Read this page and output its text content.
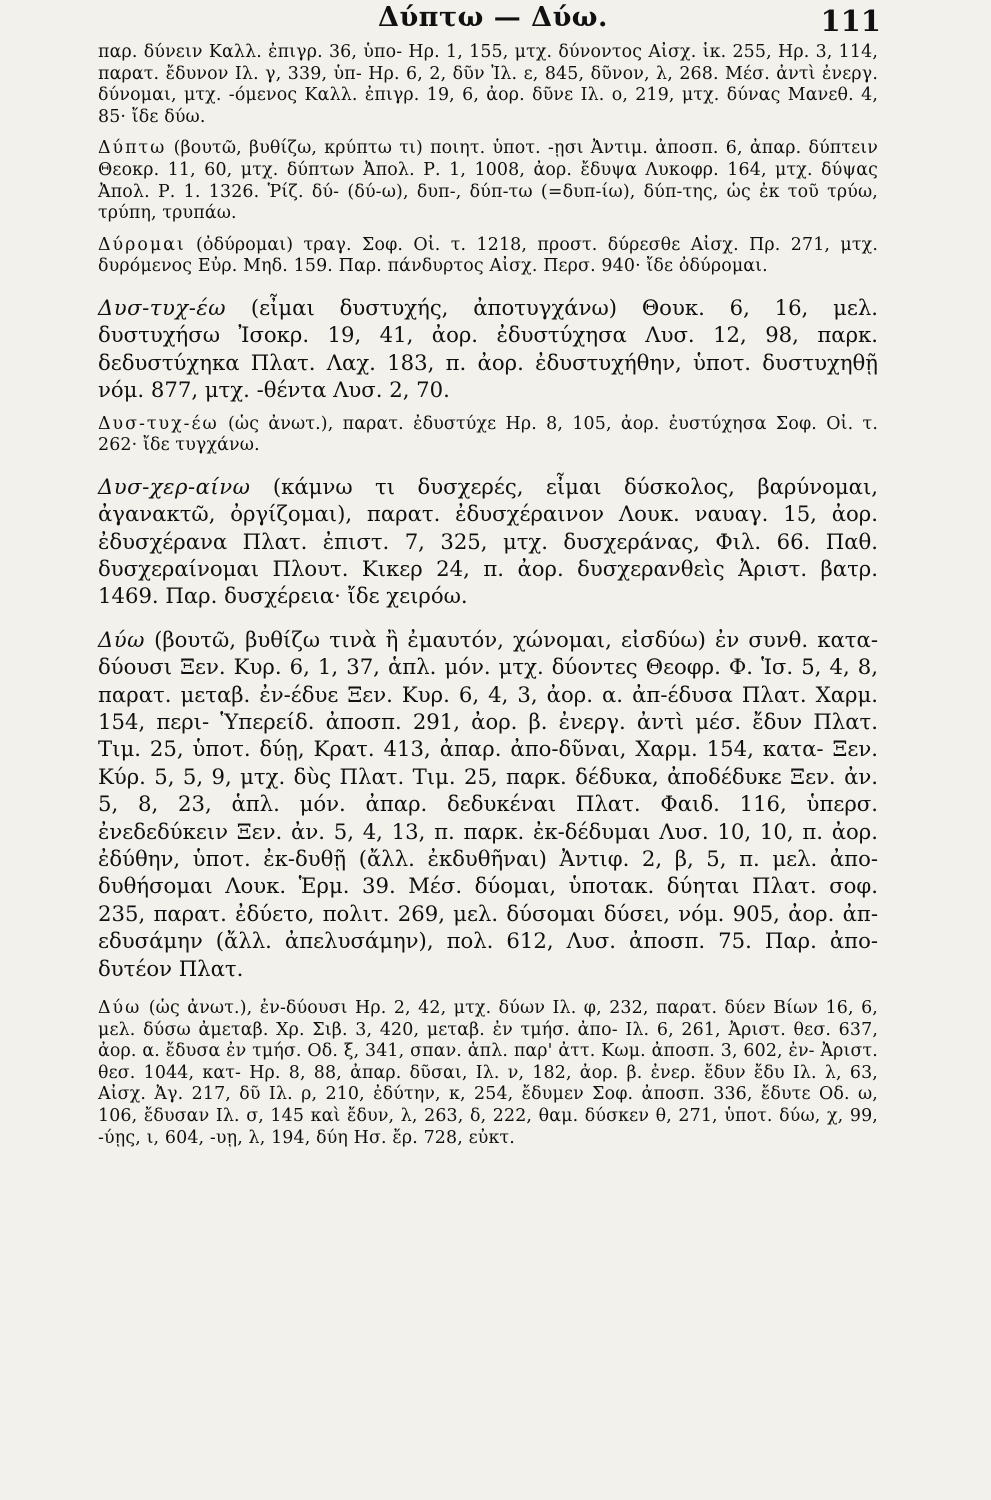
Δύπτω — Δύω.	111

παρ. δύνειν Καλλ. ἐπιγρ. 36, ὑπο- Ηρ. 1, 155, μτχ. δύνοντος Αἰσχ. ἱκ. 255, Ηρ. 3, 114, παρατ. ἔδυνον Ιλ. γ, 339, ὑπ- Ηρ. 6, 2, δῦν Ἰλ. ε, 845, δῦνον, λ, 268. Μέσ. ἀντὶ ἐνεργ. δύνομαι, μτχ. -όμενος Καλλ. ἐπιγρ. 19, 6, ἀορ. δῦνε Ιλ. ο, 219, μτχ. δύνας Μανεθ. 4, 85· ἴδε δύω.

Δύπτω (βουτῶ, βυθίζω, κρύπτω τι) ποιητ. ὑποτ. -ῃσι Ἀντιμ. ἀποσπ. 6, ἀπαρ. δύπτειν Θεοκρ. 11, 60, μτχ. δύπτων Ἀπολ. Ρ. 1, 1008, ἀορ. ἔδυψα Λυκοφρ. 164, μτχ. δύψας Ἀπολ. Ρ. 1. 1326. Ῥίζ. δύ- (δύ-ω), δυπ-, δύπ-τω (=δυπ-ίω), δύπ-της, ὡς ἐκ τοῦ τρύω, τρύπη, τρυπάω.

Δύρομαι (ὀδύρομαι) τραγ. Σοφ. Οἰ. τ. 1218, προστ. δύρεσθε Αἰσχ. Πρ. 271, μτχ. δυρόμενος Εὐρ. Μηδ. 159. Παρ. πάνδυρτος Αἰσχ. Περσ. 940· ἴδε ὀδύρομαι.

Δυσ-τυχ-έω (εἶμαι δυστυχής, ἀποτυγχάνω) Θουκ. 6, 16, μελ. δυστυχήσω Ἰσοκρ. 19, 41, ἀορ. ἐδυστύχησα Λυσ. 12, 98, παρκ. δεδυστύχηκα Πλατ. Λαχ. 183, π. ἀορ. ἐδυστυχήθην, ὑποτ. δυστυχηθῇ νόμ. 877, μτχ. -θέντα Λυσ. 2, 70.

Δυσ-τυχ-έω (ὡς ἀνωτ.), παρατ. ἐδυστύχε Ηρ. 8, 105, ἀορ. ἐυστύχησα Σοφ. Οἰ. τ. 262· ἴδε τυγχάνω.

Δυσ-χερ-αίνω (κάμνω τι δυσχερές, εἶμαι δύσκολος, βαρύνομαι, ἀγανακτῶ, ὀργίζομαι), παρατ. ἐδυσχέραινον Λουκ. ναυαγ. 15, ἀορ. ἐδυσχέρανα Πλατ. ἐπιστ. 7, 325, μτχ. δυσχεράνας, Φιλ. 66. Παθ. δυσχεραίνομαι Πλουτ. Κικερ 24, π. ἀορ. δυσχερανθεὶς Ἀριστ. βατρ. 1469. Παρ. δυσχέρεια· ἴδε χειρόω.

Δύω (βουτῶ, βυθίζω τινὰ ἢ ἐμαυτόν, χώνομαι, εἰσδύω) ἐν συνθ. κατα-δύουσι Ξεν. Κυρ. 6, 1, 37, ἁπλ. μόν. μτχ. δύοντες Θεοφρ. Φ. Ἱσ. 5, 4, 8, παρατ. μεταβ. ἐν-έδυε Ξεν. Κυρ. 6, 4, 3, ἀορ. α. ἀπ-έδυσα Πλατ. Χαρμ. 154, περι- Ὑπερείδ. ἀποσπ. 291, ἀορ. β. ἐνεργ. ἀντὶ μέσ. ἔδυν Πλατ. Τιμ. 25, ὑποτ. δύῃ, Κρατ. 413, ἀπαρ. ἀπο-δῦναι, Χαρμ. 154, κατα- Ξεν. Κύρ. 5, 5, 9, μτχ. δὺς Πλατ. Τιμ. 25, παρκ. δέδυκα, ἀποδέδυκε Ξεν. ἀν. 5, 8, 23, ἁπλ. μόν. ἀπαρ. δεδυκέναι Πλατ. Φαιδ. 116, ὑπερσ. ἐνεδεδύκειν Ξεν. ἀν. 5, 4, 13, π. παρκ. ἐκ-δέδυμαι Λυσ. 10, 10, π. ἀορ. ἐδύθην, ὑποτ. ἐκ-δυθῇ (ἄλλ. ἐκδυθῆναι) Ἀντιφ. 2, β, 5, π. μελ. ἀπο-δυθήσομαι Λουκ. Ἑρμ. 39. Μέσ. δύομαι, ὑποτακ. δύηται Πλατ. σοφ. 235, παρατ. ἐδύετο, πολιτ. 269, μελ. δύσομαι δύσει, νόμ. 905, ἀορ. ἀπ-εδυσάμην (ἄλλ. ἀπελυσάμην), πολ. 612, Λυσ. ἀποσπ. 75. Παρ. ἀπο-δυτέον Πλατ.

Δύω (ὡς ἀνωτ.), ἐν-δύουσι Ηρ. 2, 42, μτχ. δύων Ιλ. φ, 232, παρατ. δύεν Βίων 16, 6, μελ. δύσω ἀμεταβ. Χρ. Σιβ. 3, 420, μεταβ. ἐν τμήσ. ἀπο- Ιλ. 6, 261, Ἀριστ. θεσ. 637, ἀορ. α. ἔδυσα ἐν τμήσ. Οδ. ξ, 341, σπαν. ἁπλ. παρ' ἀττ. Κωμ. ἀποσπ. 3, 602, ἐν- Ἀριστ. θεσ. 1044, κατ- Ηρ. 8, 88, ἀπαρ. δῦσαι, Ιλ. ν, 182, ἀορ. β. ἐνερ. ἔδυν ἔδυ Ιλ. λ, 63, Αἰσχ. Ἀγ. 217, δῦ Ιλ. ρ, 210, ἐδύτην, κ, 254, ἔδυμεν Σοφ. ἀποσπ. 336, ἔδυτε Οδ. ω, 106, ἔδυσαν Ιλ. σ, 145 καὶ ἔδυν, λ, 263, δ, 222, θαμ. δύσκεν θ, 271, ὑποτ. δύω, χ, 99, -ύῃς, ι, 604, -υῃ, λ, 194, δύη Ησ. ἔρ. 728, εὐκτ.
